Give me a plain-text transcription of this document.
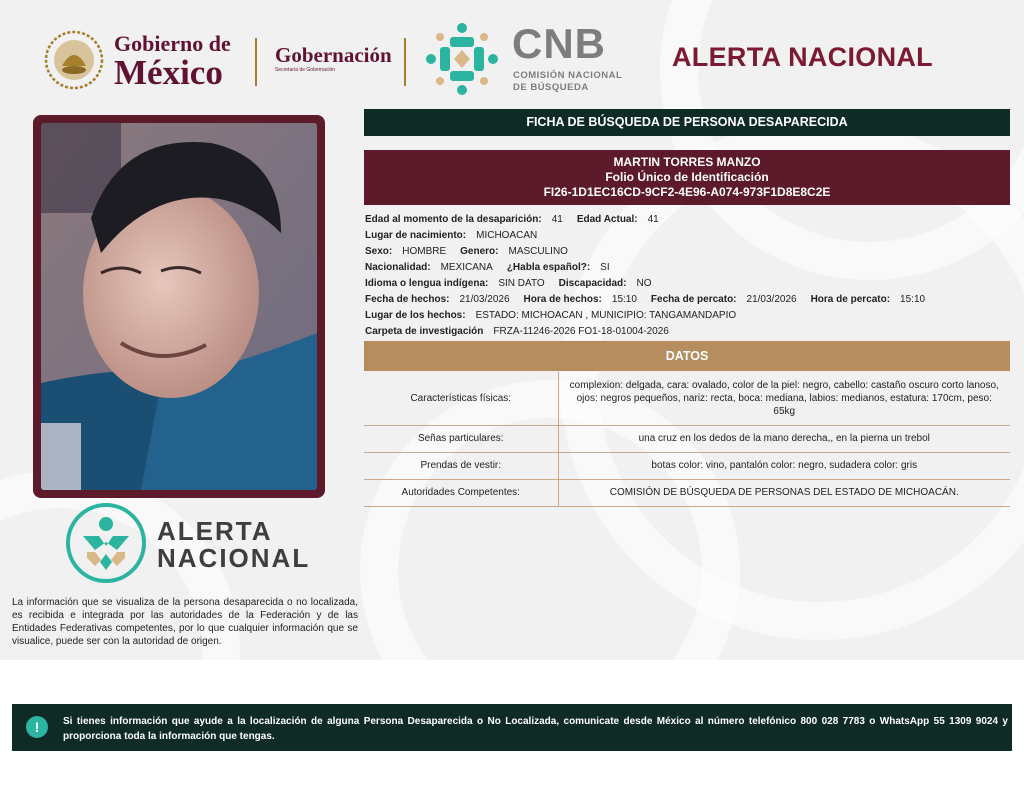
Gobierno de
México	Gobernación
Secretaría de Gobernación
CNB
COMISIÓN NACIONAL
DE BÚSQUEDA
ALERTA NACIONAL
ALERTA
NACIONAL
La información que se visualiza de la persona desaparecida o no localizada, es recibida e integrada por las autoridades de la Federación y de las Entidades Federativas competentes, por lo que cualquier información que se visualice, puede ser con la autoridad de origen.
FICHA DE BÚSQUEDA DE PERSONA DESAPARECIDA
MARTIN TORRES MANZO
Folio Único de Identificación
FI26-1D1EC16CD-9CF2-4E96-A074-973F1D8E8C2E
Edad al momento de la desaparición: 41 Edad Actual: 41
Lugar de nacimiento: MICHOACAN
Sexo: HOMBRE Genero: MASCULINO
Nacionalidad: MEXICANA ¿Habla español?: SI
Idioma o lengua indígena: SIN DATO Discapacidad: NO
Fecha de hechos: 21/03/2026 Hora de hechos: 15:10 Fecha de percato: 21/03/2026 Hora de percato: 15:10
Lugar de los hechos: ESTADO: MICHOACAN , MUNICIPIO: TANGAMANDAPIO
Carpeta de investigación FRZA-11246-2026 FO1-18-01004-2026
DATOS
Características físicas:	complexion: delgada, cara: ovalado, color de la piel: negro, cabello: castaño oscuro corto lanoso, ojos: negros pequeños, nariz: recta, boca: mediana, labios: medianos, estatura: 170cm, peso: 65kg
Señas particulares:	una cruz en los dedos de la mano derecha,, en la pierna un trebol
Prendas de vestir:	botas color: vino, pantalón color: negro, sudadera color: gris
Autoridades Competentes:	COMISIÓN DE BÚSQUEDA DE PERSONAS DEL ESTADO DE MICHOACÁN.
!	Si tienes información que ayude a la localización de alguna Persona Desaparecida o No Localizada, comunicate desde México al número telefónico 800 028 7783 o WhatsApp 55 1309 9024 y proporciona toda la información que tengas.
